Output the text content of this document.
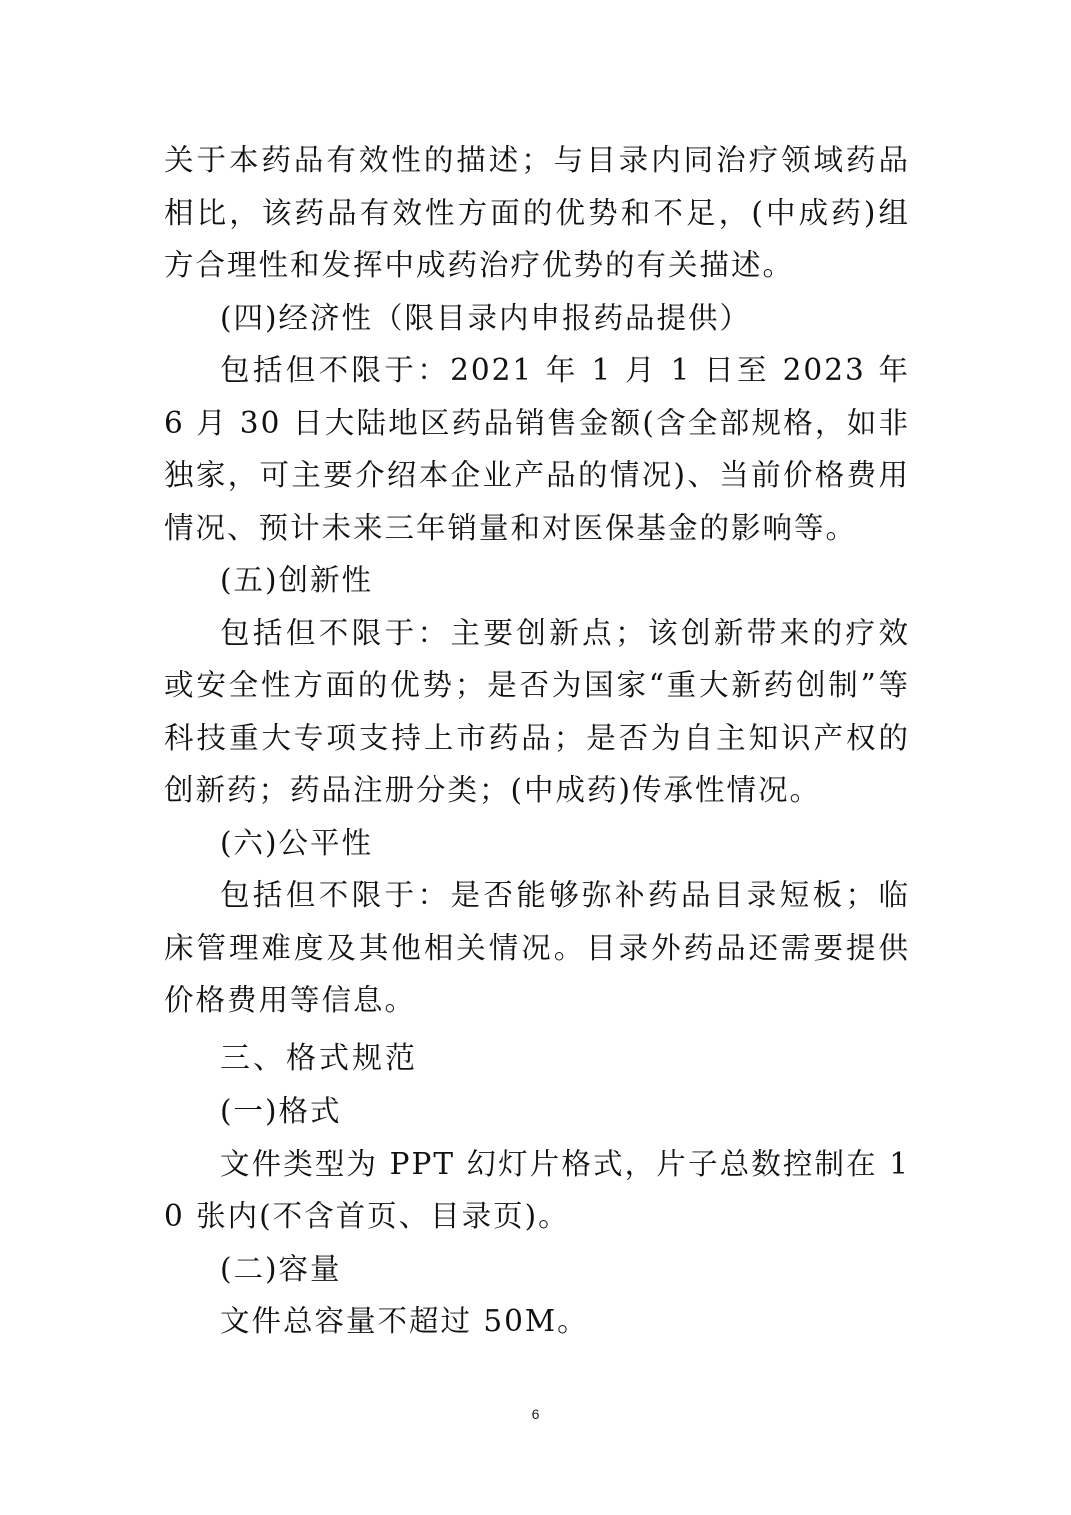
关于本药品有效性的描述；与目录内同治疗领域药品相比，该药品有效性方面的优势和不足，(中成药)组方合理性和发挥中成药治疗优势的有关描述。

(四)经济性（限目录内申报药品提供）

包括但不限于：2021 年 1 月 1 日至 2023 年 6 月 30 日大陆地区药品销售金额(含全部规格，如非独家，可主要介绍本企业产品的情况)、当前价格费用情况、预计未来三年销量和对医保基金的影响等。

(五)创新性

包括但不限于：主要创新点；该创新带来的疗效或安全性方面的优势；是否为国家“重大新药创制”等科技重大专项支持上市药品；是否为自主知识产权的创新药；药品注册分类；(中成药)传承性情况。

(六)公平性

包括但不限于：是否能够弥补药品目录短板；临床管理难度及其他相关情况。目录外药品还需要提供价格费用等信息。

三、格式规范

(一)格式

文件类型为 PPT 幻灯片格式，片子总数控制在 10 张内(不含首页、目录页)。

(二)容量

文件总容量不超过 50M。

6
